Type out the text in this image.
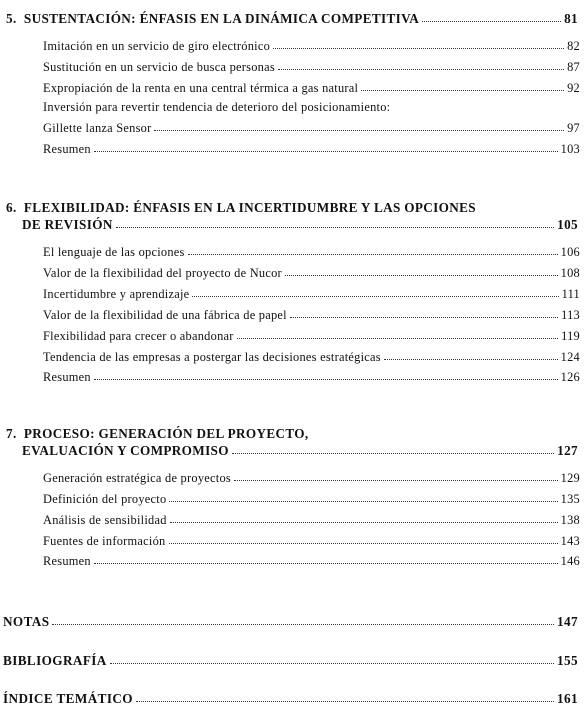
5. SUSTENTACIÓN: ÉNFASIS EN LA DINÁMICA COMPETITIVA	81
Imitación en un servicio de giro electrónico	82
Sustitución en un servicio de busca personas	87
Expropiación de la renta en una central térmica a gas natural	92
Inversión para revertir tendencia de deterioro del posicionamiento:
Gillette lanza Sensor	97
Resumen	103
6. FLEXIBILIDAD: ÉNFASIS EN LA INCERTIDUMBRE Y LAS OPCIONES
DE REVISIÓN	105
El lenguaje de las opciones	106
Valor de la flexibilidad del proyecto de Nucor	108
Incertidumbre y aprendizaje	111
Valor de la flexibilidad de una fábrica de papel	113
Flexibilidad para crecer o abandonar	119
Tendencia de las empresas a postergar las decisiones estratégicas	124
Resumen	126
7. PROCESO: GENERACIÓN DEL PROYECTO,
EVALUACIÓN Y COMPROMISO	127
Generación estratégica de proyectos	129
Definición del proyecto	135
Análisis de sensibilidad	138
Fuentes de información	143
Resumen	146
NOTAS	147
BIBLIOGRAFÍA	155
ÍNDICE TEMÁTICO	161
